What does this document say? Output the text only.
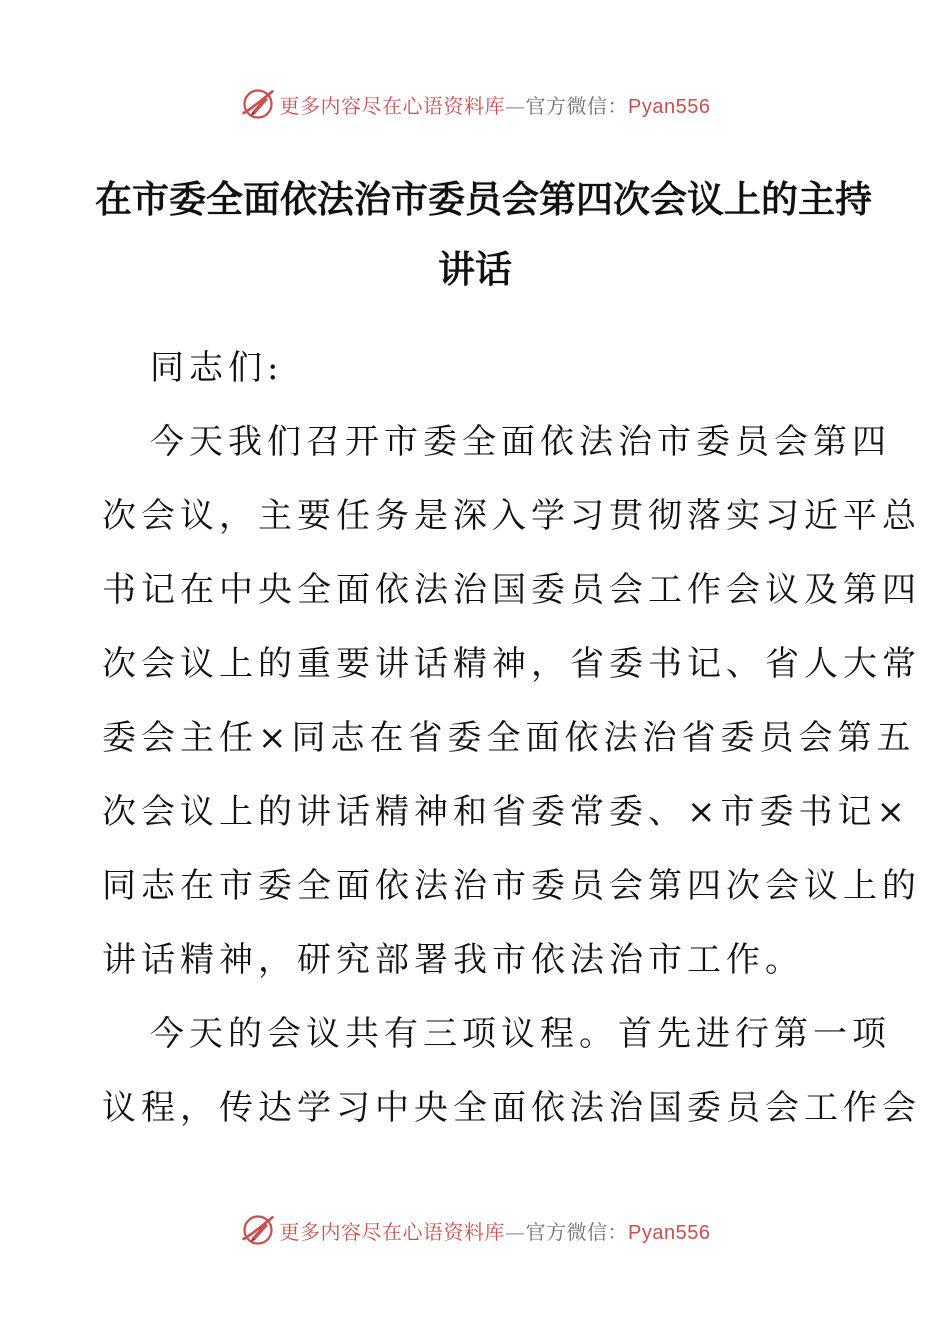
更多内容尽在心语资料库—官方微信：Pyan556
在市委全面依法治市委员会第四次会议上的主持
讲话

同志们:

今天我们召开市委全面依法治市委员会第四
次会议，主要任务是深入学习贯彻落实习近平总
书记在中央全面依法治国委员会工作会议及第四
次会议上的重要讲话精神，省委书记、省人大常
委会主任×同志在省委全面依法治省委员会第五
次会议上的讲话精神和省委常委、×市委书记×
同志在市委全面依法治市委员会第四次会议上的
讲话精神，研究部署我市依法治市工作。

今天的会议共有三项议程。首先进行第一项
议程，传达学习中央全面依法治国委员会工作会

更多内容尽在心语资料库—官方微信：Pyan556
